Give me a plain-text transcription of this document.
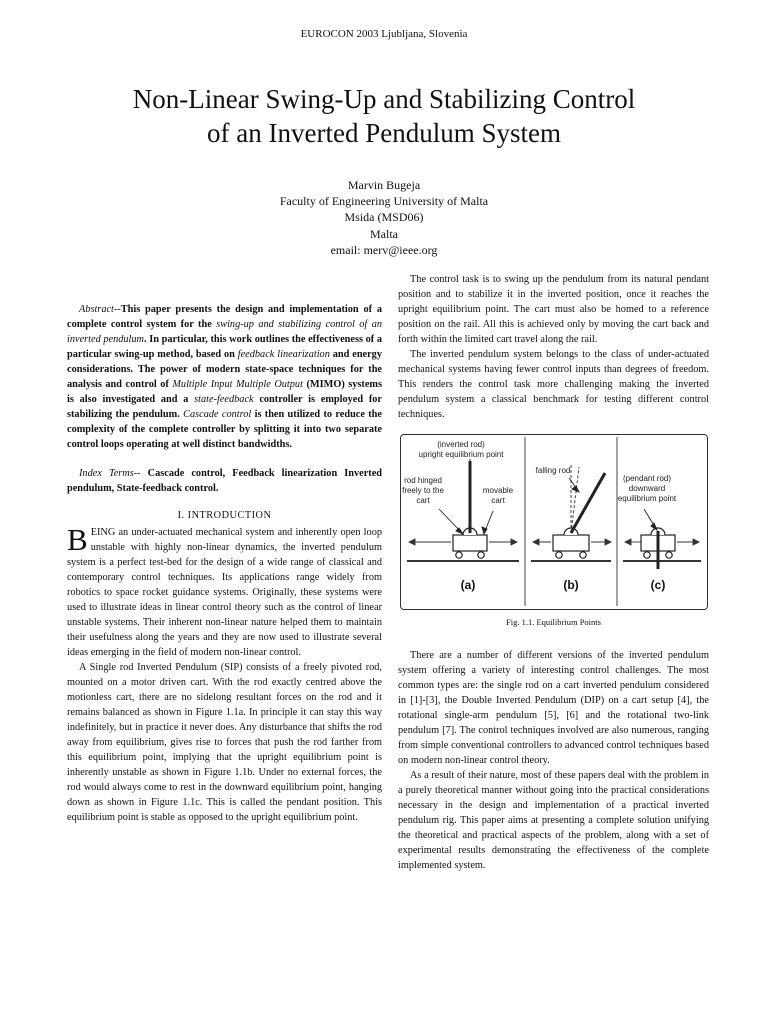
EUROCON 2003 Ljubljana, Slovenia
Non-Linear Swing-Up and Stabilizing Control
of an Inverted Pendulum System
Marvin Bugeja
Faculty of Engineering University of Malta
Msida (MSD06)
Malta
email: merv@ieee.org

Abstract--This paper presents the design and implementation of a complete control system for the swing-up and stabilizing control of an inverted pendulum. In particular, this work outlines the effectiveness of a particular swing-up method, based on feedback linearization and energy considerations. The power of modern state-space techniques for the analysis and control of Multiple Input Multiple Output (MIMO) systems is also investigated and a state-feedback controller is employed for stabilizing the pendulum. Cascade control is then utilized to reduce the complexity of the complete controller by splitting it into two separate control loops operating at well distinct bandwidths.

Index Terms-- Cascade control, Feedback linearization Inverted pendulum, State-feedback control.

I. INTRODUCTION

BEING an under-actuated mechanical system and inherently open loop unstable with highly non-linear dynamics, the inverted pendulum system is a perfect test-bed for the design of a wide range of classical and contemporary control techniques. Its applications range widely from robotics to space rocket guidance systems. Originally, these systems were used to illustrate ideas in linear control theory such as the control of linear unstable systems. Their inherent non-linear nature helped them to maintain their usefulness along the years and they are now used to illustrate several ideas emerging in the field of modern non-linear control.

A Single rod Inverted Pendulum (SIP) consists of a freely pivoted rod, mounted on a motor driven cart. With the rod exactly centred above the motionless cart, there are no sidelong resultant forces on the rod and it remains balanced as shown in Figure 1.1a. In principle it can stay this way indefinitely, but in practice it never does. Any disturbance that shifts the rod away from equilibrium, gives rise to forces that push the rod farther from this equilibrium point, implying that the upright equilibrium point is inherently unstable as shown in Figure 1.1b. Under no external forces, the rod would always come to rest in the downward equilibrium point, hanging down as shown in Figure 1.1c. This is called the pendant position. This equilibrium point is stable as opposed to the upright equilibrium point.

The control task is to swing up the pendulum from its natural pendant position and to stabilize it in the inverted position, once it reaches the upright equilibrium point. The cart must also be homed to a reference position on the rail. All this is achieved only by moving the cart back and forth within the limited cart travel along the rail.

The inverted pendulum system belongs to the class of under-actuated mechanical systems having fewer control inputs than degrees of freedom. This renders the control task more challenging making the inverted pendulum system a classical benchmark for testing different control techniques.

(inverted rod)
upright equilibrium point
rod hinged
freely to the
cart
movable
cart
falling rod
(pendant rod)
downward
equilibrium point
(a)	(b)	(c)

Fig. 1.1. Equilibrium Points

There are a number of different versions of the inverted pendulum system offering a variety of interesting control challenges. The most common types are: the single rod on a cart inverted pendulum considered in [1]-[3], the Double Inverted Pendulum (DIP) on a cart setup [4], the rotational single-arm pendulum [5], [6] and the rotational two-link pendulum [7]. The control techniques involved are also numerous, ranging from simple conventional controllers to advanced control techniques based on modern non-linear control theory.

As a result of their nature, most of these papers deal with the problem in a purely theoretical manner without going into the practical considerations necessary in the design and implementation of a practical inverted pendulum rig. This paper aims at presenting a complete solution unifying the theoretical and practical aspects of the problem, along with a set of experimental results demonstrating the effectiveness of the complete implemented system.
